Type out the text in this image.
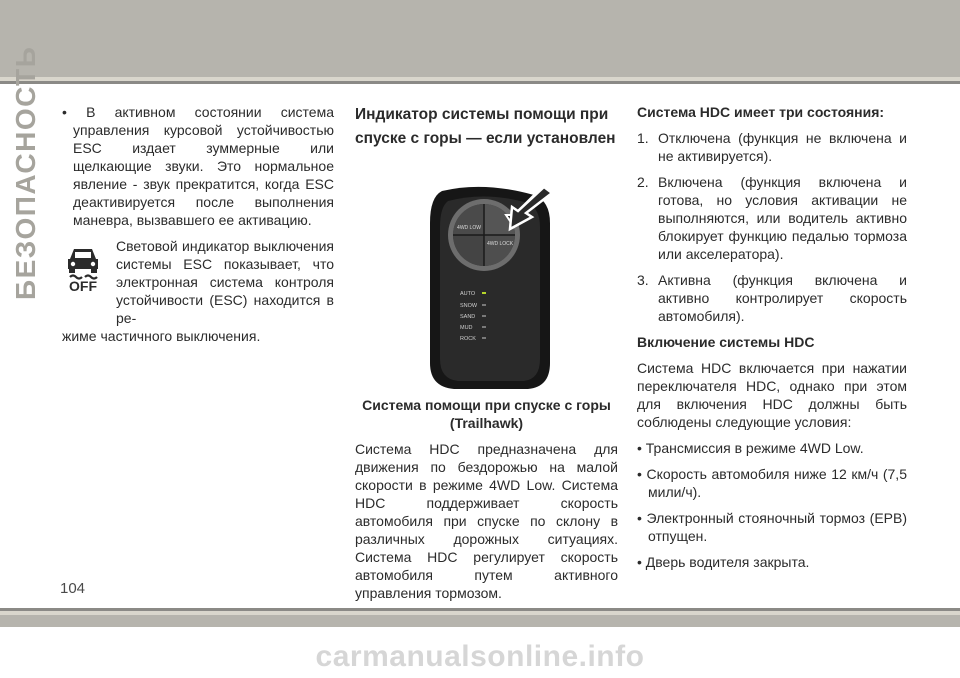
БЕЗОПАСНОСТЬ • В активном состоянии система управления курсовой устойчивостью ESC издает зуммерные или щелкающие звуки. Это нормальное явление - звук прекратится, когда ESC деактивируется после выполнения маневра, вызвавшего ее активацию.

OFF

Световой индикатор выключения системы ESC показывает, что электронная система контроля устойчивости (ESC) находится в ре-

жиме частичного выключения.

Индикатор системы помощи при спуске с горы — если установлен

4WD LOW
4WD LOCK
AUTO
SNOW
SAND
MUD
ROCK
Система помощи при спуске с горы (Trailhawk)
Система HDC предназначена для движения по бездорожью на малой скорости в режиме 4WD Low. Система HDC поддерживает скорость автомобиля при спуске по склону в различных дорожных ситуациях. Система HDC регулирует скорость автомобиля путем активного управления тормозом.

Система HDC имеет три состояния:

1. Отключена (функция не включена и не активируется).
2. Включена (функция включена и готова, но условия активации не выполняются, или водитель активно блокирует функцию педалью тормоза или акселератора).
3. Активна (функция включена и активно контролирует скорость автомобиля).

Включение системы HDC

Система HDC включается при нажатии переключателя HDC, однако при этом для включения HDC должны быть соблюдены следующие условия:

• Трансмиссия в режиме 4WD Low.

• Скорость автомобиля ниже 12 км/ч (7,5 мили/ч).

• Электронный стояночный тормоз (EPB) отпущен.

• Дверь водителя закрыта.

104
carmanualsonline.info
